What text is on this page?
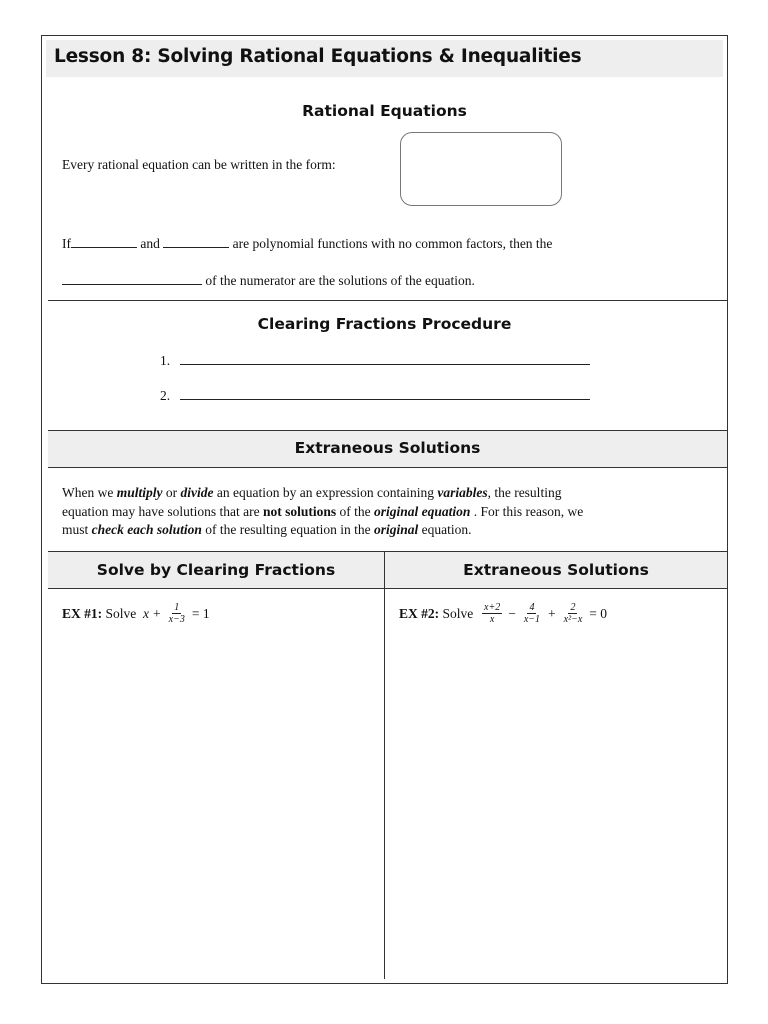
Lesson 8: Solving Rational Equations & Inequalities
Rational Equations
Every rational equation can be written in the form:
If	and	are polynomial functions with no common factors, then the
of the numerator are the solutions of the equation.
Clearing Fractions Procedure
1.
2.
Extraneous Solutions
When we multiply or divide an equation by an expression containing variables, the resulting
equation may have solutions that are not solutions of the original equation . For this reason, we
must check each solution of the resulting equation in the original equation.
Solve by Clearing Fractions	Extraneous Solutions
EX #1 :
Solve
$x + \frac{1}{x-3} = 1$	EX #2 :
Solve
$\frac{x+2}{x} - \frac{4}{x-1} + \frac{2}{\text{x²−x}} = 0$
